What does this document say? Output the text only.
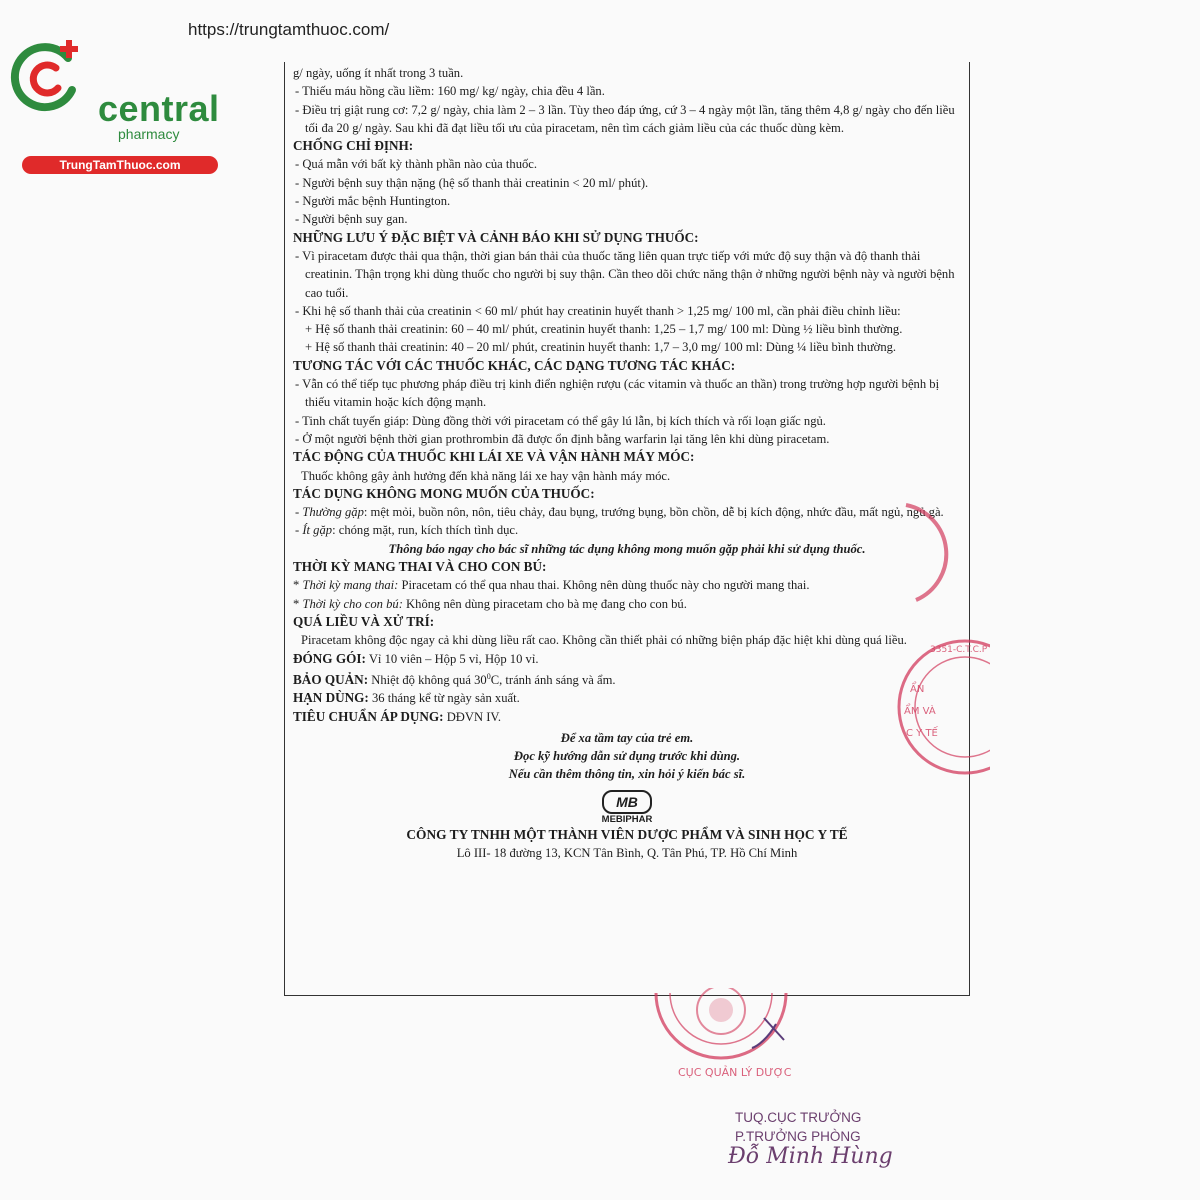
https://trungtamthuoc.com/
central
pharmacy
TrungTamThuoc.com

g/ ngày, uống ít nhất trong 3 tuần.

- Thiếu máu hồng cầu liềm: 160 mg/ kg/ ngày, chia đều 4 lần.

- Điều trị giật rung cơ: 7,2 g/ ngày, chia làm 2 – 3 lần. Tùy theo đáp ứng, cứ 3 – 4 ngày một lần, tăng thêm 4,8 g/ ngày cho đến liều tối đa 20 g/ ngày. Sau khi đã đạt liều tối ưu của piracetam, nên tìm cách giảm liều của các thuốc dùng kèm.

CHỐNG CHỈ ĐỊNH:

- Quá mẫn với bất kỳ thành phần nào của thuốc.

- Người bệnh suy thận nặng (hệ số thanh thải creatinin < 20 ml/ phút).

- Người mắc bệnh Huntington.

- Người bệnh suy gan.

NHỮNG LƯU Ý ĐẶC BIỆT VÀ CẢNH BÁO KHI SỬ DỤNG THUỐC:

- Vì piracetam được thải qua thận, thời gian bán thải của thuốc tăng liên quan trực tiếp với mức độ suy thận và độ thanh thải creatinin. Thận trọng khi dùng thuốc cho người bị suy thận. Cần theo dõi chức năng thận ở những người bệnh này và người bệnh cao tuổi.

- Khi hệ số thanh thải của creatinin < 60 ml/ phút hay creatinin huyết thanh > 1,25 mg/ 100 ml, cần phải điều chỉnh liều:

+ Hệ số thanh thải creatinin: 60 – 40 ml/ phút, creatinin huyết thanh: 1,25 – 1,7 mg/ 100 ml: Dùng ½ liều bình thường.

+ Hệ số thanh thải creatinin: 40 – 20 ml/ phút, creatinin huyết thanh: 1,7 – 3,0 mg/ 100 ml: Dùng ¼ liều bình thường.

TƯƠNG TÁC VỚI CÁC THUỐC KHÁC, CÁC DẠNG TƯƠNG TÁC KHÁC:

- Vẫn có thể tiếp tục phương pháp điều trị kinh điển nghiện rượu (các vitamin và thuốc an thần) trong trường hợp người bệnh bị thiếu vitamin hoặc kích động mạnh.

- Tinh chất tuyến giáp: Dùng đồng thời với piracetam có thể gây lú lẫn, bị kích thích và rối loạn giấc ngủ.

- Ở một người bệnh thời gian prothrombin đã được ổn định bằng warfarin lại tăng lên khi dùng piracetam.

TÁC ĐỘNG CỦA THUỐC KHI LÁI XE VÀ VẬN HÀNH MÁY MÓC:

Thuốc không gây ảnh hưởng đến khả năng lái xe hay vận hành máy móc.

TÁC DỤNG KHÔNG MONG MUỐN CỦA THUỐC:

- Thường gặp: mệt mỏi, buồn nôn, nôn, tiêu chảy, đau bụng, trướng bụng, bồn chồn, dễ bị kích động, nhức đầu, mất ngủ, ngủ gà.

- Ít gặp: chóng mặt, run, kích thích tình dục.

Thông báo ngay cho bác sĩ những tác dụng không mong muốn gặp phải khi sử dụng thuốc.

THỜI KỲ MANG THAI VÀ CHO CON BÚ:

* Thời kỳ mang thai: Piracetam có thể qua nhau thai. Không nên dùng thuốc này cho người mang thai.

* Thời kỳ cho con bú: Không nên dùng piracetam cho bà mẹ đang cho con bú.

QUÁ LIỀU VÀ XỬ TRÍ:

Piracetam không độc ngay cả khi dùng liều rất cao. Không cần thiết phải có những biện pháp đặc hiệt khi dùng quá liều.

ĐÓNG GÓI: Vỉ 10 viên – Hộp 5 vỉ, Hộp 10 vỉ.

BẢO QUẢN: Nhiệt độ không quá $30^0C$, tránh ánh sáng và ẩm.

HẠN DÙNG: 36 tháng kể từ ngày sản xuất.

TIÊU CHUẨN ÁP DỤNG: DĐVN IV.

Để xa tầm tay của trẻ em.

Đọc kỹ hướng dẫn sử dụng trước khi dùng.

Nếu cần thêm thông tin, xin hỏi ý kiến bác sĩ.

MB

MEBIPHAR

CÔNG TY TNHH MỘT THÀNH VIÊN DƯỢC PHẨM VÀ SINH HỌC Y TẾ

Lô III- 18 đường 13, KCN Tân Bình, Q. Tân Phú, TP. Hồ Chí Minh

ẨN
ẨM VÀ
C Y TẾ
3351-C.T.C.P
CỤC QUẢN LÝ DƯỢC
TUQ.CỤC TRƯỞNG
P.TRƯỞNG PHÒNG
Đỗ Minh Hùng
